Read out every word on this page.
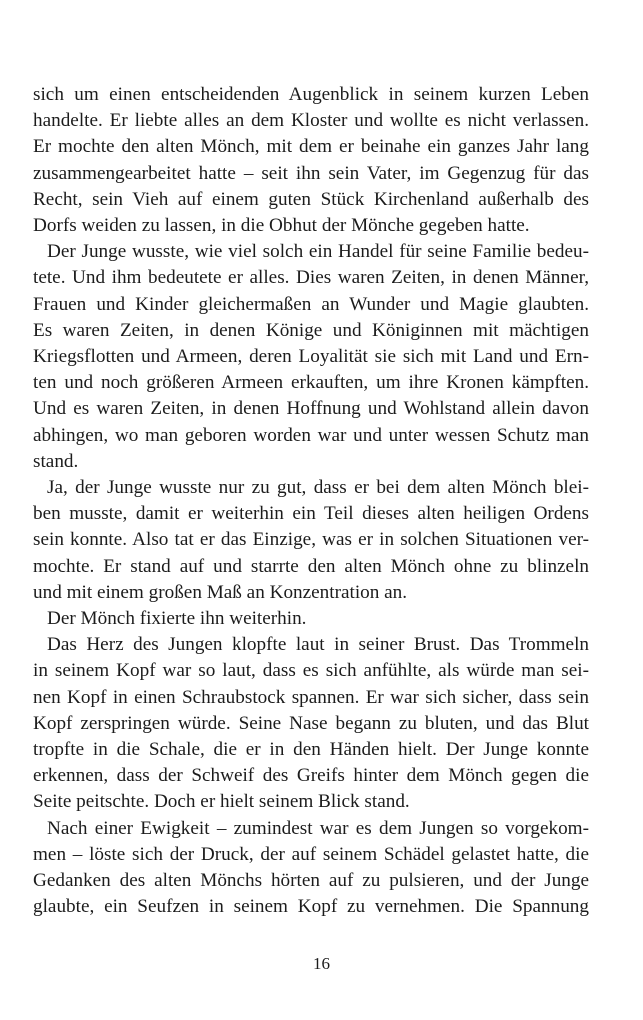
sich um einen entscheidenden Augenblick in seinem kurzen Leben
handelte. Er liebte alles an dem Kloster und wollte es nicht verlassen.
Er mochte den alten Mönch, mit dem er beinahe ein ganzes Jahr lang
zusammengearbeitet hatte – seit ihn sein Vater, im Gegenzug für das
Recht, sein Vieh auf einem guten Stück Kirchenland außerhalb des
Dorfs weiden zu lassen, in die Obhut der Mönche gegeben hatte.
Der Junge wusste, wie viel solch ein Handel für seine Familie bedeu-
tete. Und ihm bedeutete er alles. Dies waren Zeiten, in denen Männer,
Frauen und Kinder gleichermaßen an Wunder und Magie glaubten.
Es waren Zeiten, in denen Könige und Königinnen mit mächtigen
Kriegsflotten und Armeen, deren Loyalität sie sich mit Land und Ern-
ten und noch größeren Armeen erkauften, um ihre Kronen kämpften.
Und es waren Zeiten, in denen Hoffnung und Wohlstand allein davon
abhingen, wo man geboren worden war und unter wessen Schutz man
stand.
Ja, der Junge wusste nur zu gut, dass er bei dem alten Mönch blei-
ben musste, damit er weiterhin ein Teil dieses alten heiligen Ordens
sein konnte. Also tat er das Einzige, was er in solchen Situationen ver-
mochte. Er stand auf und starrte den alten Mönch ohne zu blinzeln
und mit einem großen Maß an Konzentration an.
Der Mönch fixierte ihn weiterhin.
Das Herz des Jungen klopfte laut in seiner Brust. Das Trommeln
in seinem Kopf war so laut, dass es sich anfühlte, als würde man sei-
nen Kopf in einen Schraubstock spannen. Er war sich sicher, dass sein
Kopf zerspringen würde. Seine Nase begann zu bluten, und das Blut
tropfte in die Schale, die er in den Händen hielt. Der Junge konnte
erkennen, dass der Schweif des Greifs hinter dem Mönch gegen die
Seite peitschte. Doch er hielt seinem Blick stand.
Nach einer Ewigkeit – zumindest war es dem Jungen so vorgekom-
men – löste sich der Druck, der auf seinem Schädel gelastet hatte, die
Gedanken des alten Mönchs hörten auf zu pulsieren, und der Junge
glaubte, ein Seufzen in seinem Kopf zu vernehmen. Die Spannung
16
